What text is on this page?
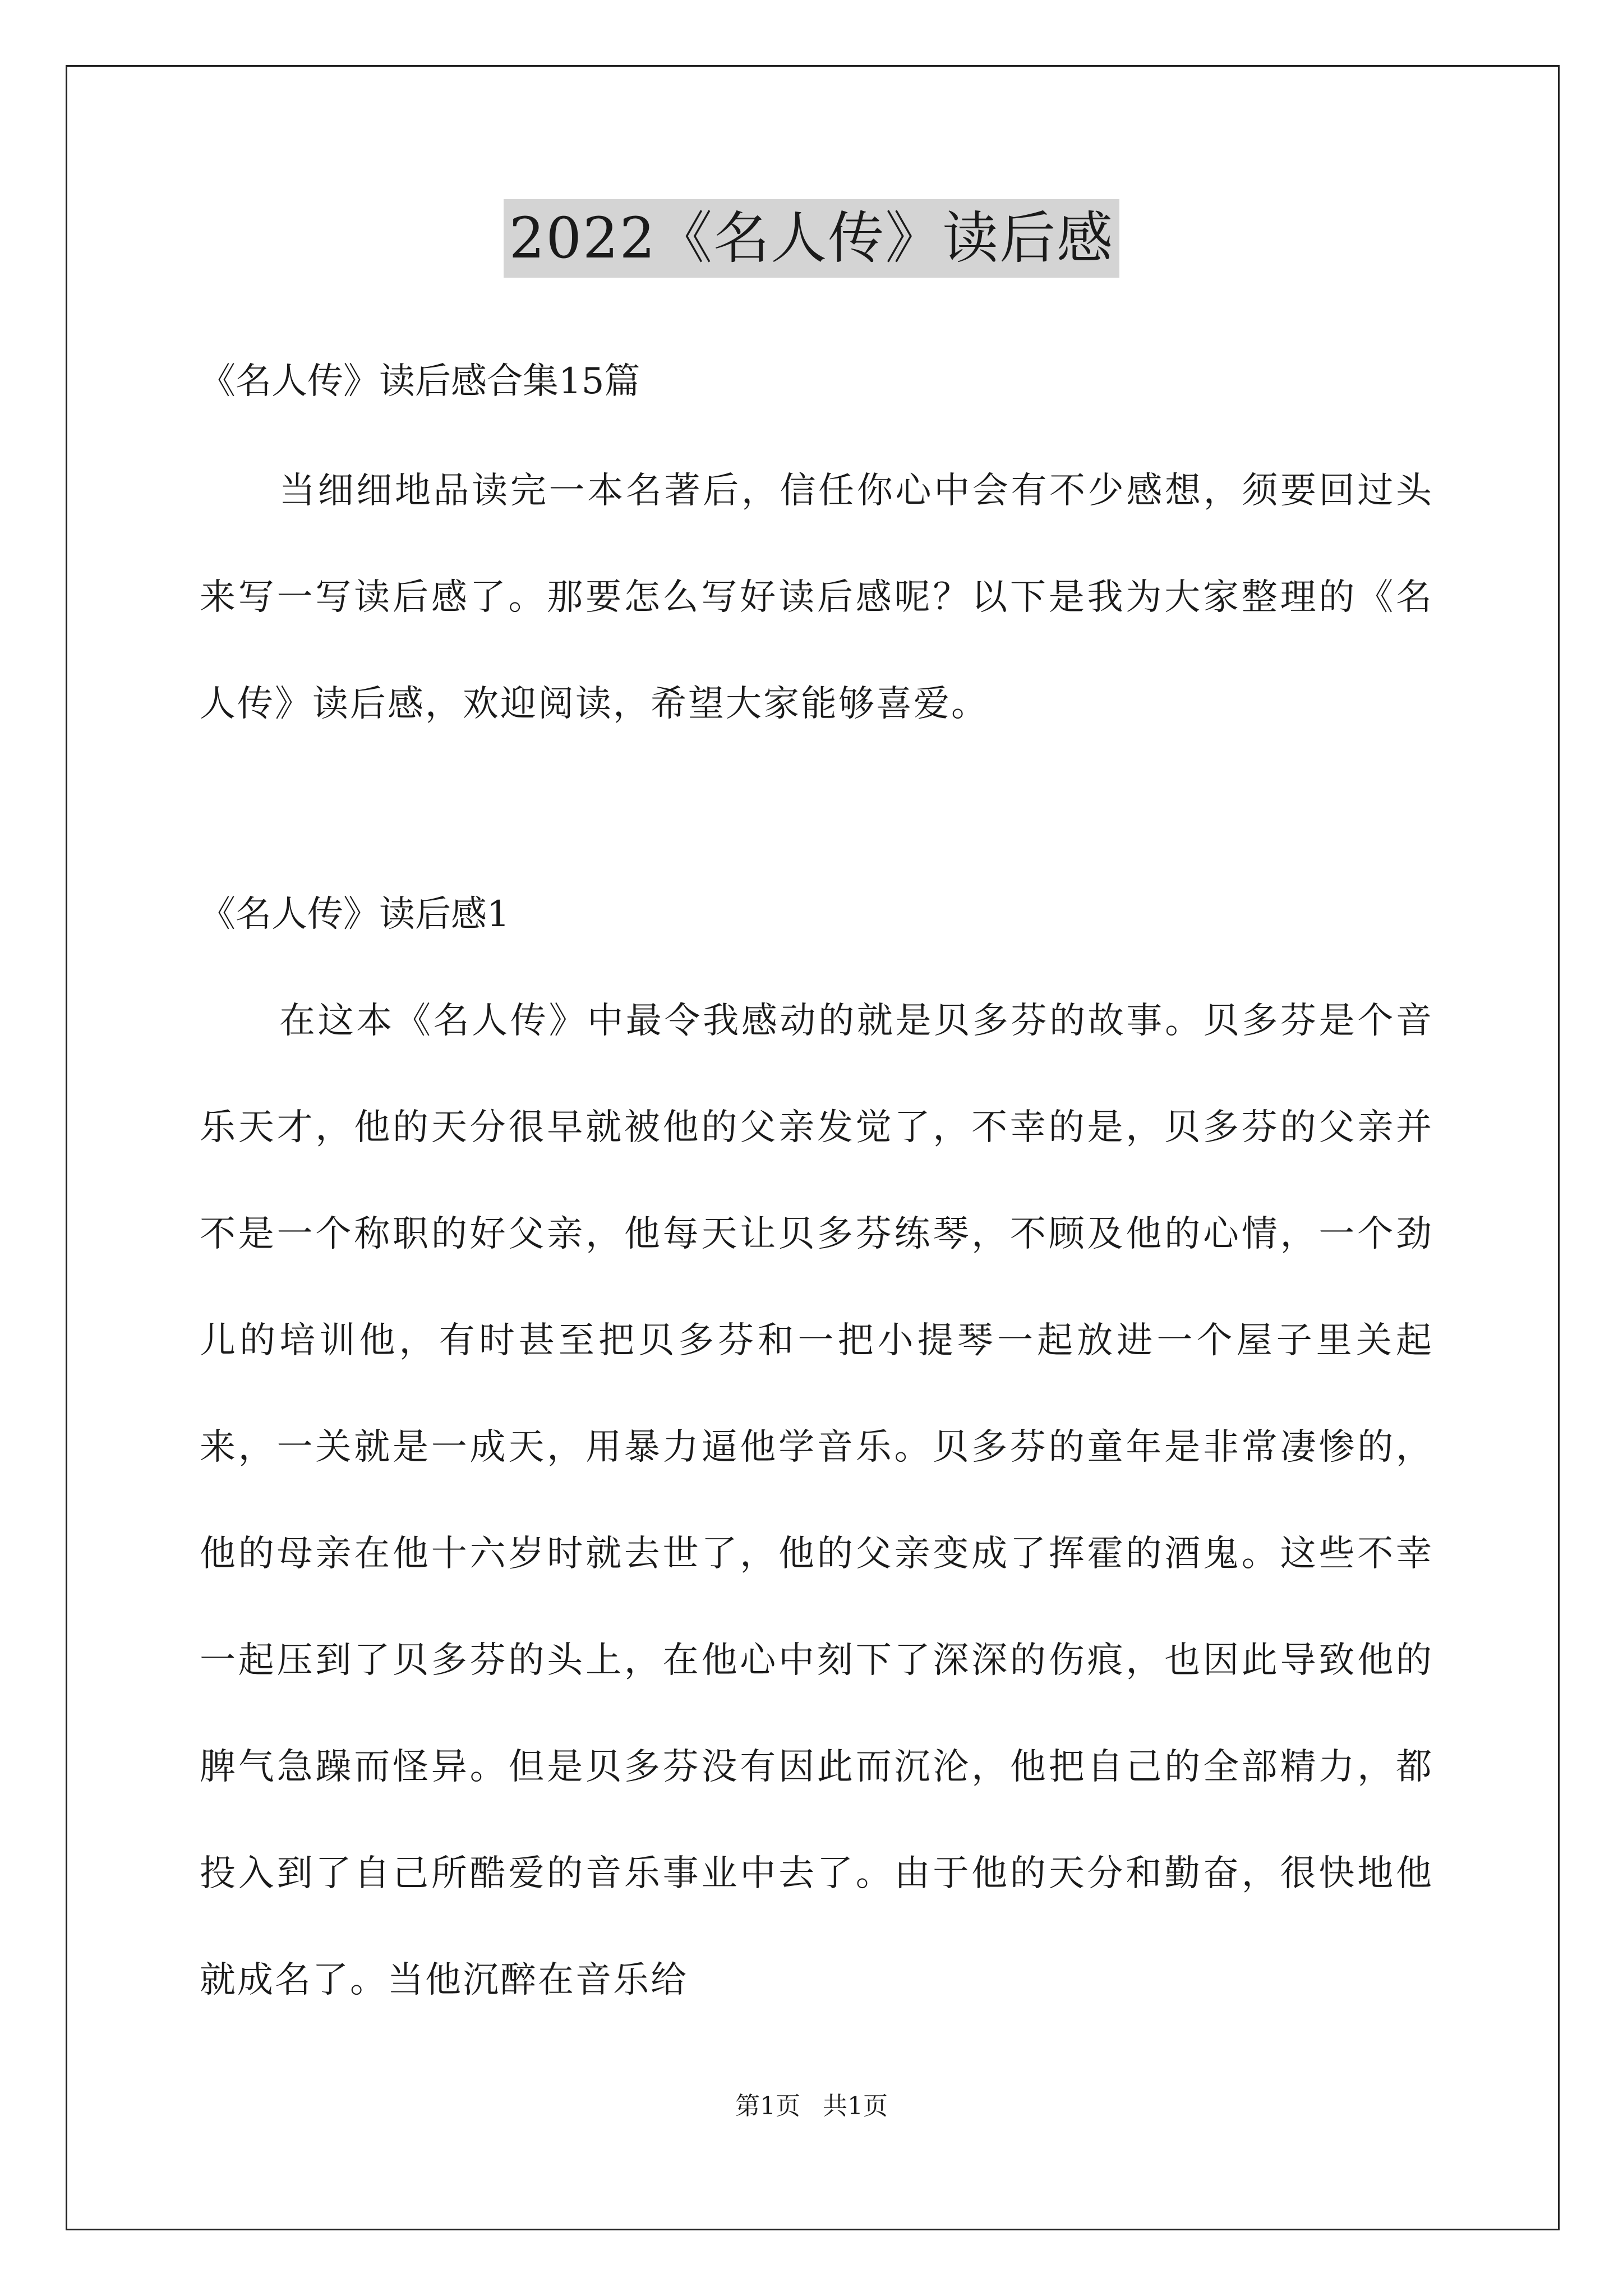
2022《名人传》读后感

《名人传》读后感合集15篇

当细细地品读完一本名著后，信任你心中会有不少感想，须要回过头来写一写读后感了。那要怎么写好读后感呢？以下是我为大家整理的《名人传》读后感，欢迎阅读，希望大家能够喜爱。

《名人传》读后感1

在这本《名人传》中最令我感动的就是贝多芬的故事。贝多芬是个音乐天才，他的天分很早就被他的父亲发觉了，不幸的是，贝多芬的父亲并不是一个称职的好父亲，他每天让贝多芬练琴，不顾及他的心情，一个劲儿的培训他，有时甚至把贝多芬和一把小提琴一起放进一个屋子里关起来，一关就是一成天，用暴力逼他学音乐。贝多芬的童年是非常凄惨的，他的母亲在他十六岁时就去世了，他的父亲变成了挥霍的酒鬼。这些不幸一起压到了贝多芬的头上，在他心中刻下了深深的伤痕，也因此导致他的脾气急躁而怪异。但是贝多芬没有因此而沉沦，他把自己的全部精力，都投入到了自己所酷爱的音乐事业中去了。由于他的天分和勤奋，很快地他就成名了。当他沉醉在音乐给

第1页 共1页
